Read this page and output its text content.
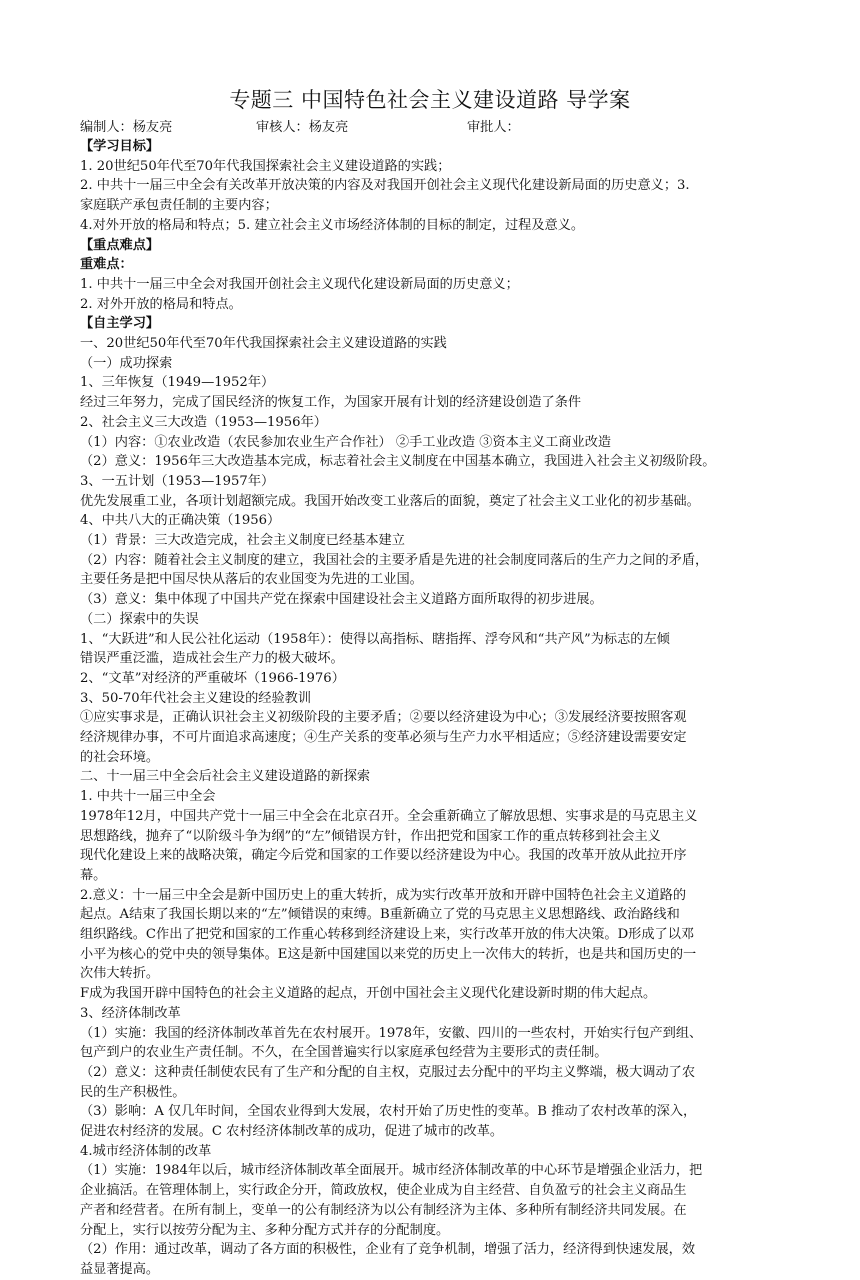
专题三 中国特色社会主义建设道路 导学案
编制人：杨友亮	审核人：杨友亮	审批人：
【学习目标】
1. 20世纪50年代至70年代我国探索社会主义建设道路的实践；
2. 中共十一届三中全会有关改革开放决策的内容及对我国开创社会主义现代化建设新局面的历史意义；3.
家庭联产承包责任制的主要内容；
4.对外开放的格局和特点；5. 建立社会主义市场经济体制的目标的制定，过程及意义。
【重点难点】
重难点：
1. 中共十一届三中全会对我国开创社会主义现代化建设新局面的历史意义；
2. 对外开放的格局和特点。
【自主学习】
一、20世纪50年代至70年代我国探索社会主义建设道路的实践
（一）成功探索
1、三年恢复（1949—1952年）
经过三年努力，完成了国民经济的恢复工作，为国家开展有计划的经济建设创造了条件
2、社会主义三大改造（1953—1956年）
（1）内容：①农业改造（农民参加农业生产合作社） ②手工业改造 ③资本主义工商业改造
（2）意义：1956年三大改造基本完成，标志着社会主义制度在中国基本确立，我国进入社会主义初级阶段。
3、一五计划（1953—1957年）
优先发展重工业，各项计划超额完成。我国开始改变工业落后的面貌，奠定了社会主义工业化的初步基础。
4、中共八大的正确决策（1956）
（1）背景：三大改造完成，社会主义制度已经基本建立
（2）内容：随着社会主义制度的建立，我国社会的主要矛盾是先进的社会制度同落后的生产力之间的矛盾，
主要任务是把中国尽快从落后的农业国变为先进的工业国。
（3）意义：集中体现了中国共产党在探索中国建设社会主义道路方面所取得的初步进展。
（二）探索中的失误
1、“大跃进”和人民公社化运动（1958年）：使得以高指标、瞎指挥、浮夸风和“共产风”为标志的左倾
错误严重泛滥，造成社会生产力的极大破坏。
2、“文革”对经济的严重破坏（1966-1976）
3、50-70年代社会主义建设的经验教训
①应实事求是，正确认识社会主义初级阶段的主要矛盾；②要以经济建设为中心；③发展经济要按照客观
经济规律办事，不可片面追求高速度；④生产关系的变革必须与生产力水平相适应；⑤经济建设需要安定
的社会环境。
二、十一届三中全会后社会主义建设道路的新探索
1. 中共十一届三中全会
1978年12月，中国共产党十一届三中全会在北京召开。全会重新确立了解放思想、实事求是的马克思主义
思想路线，抛弃了“以阶级斗争为纲”的“左”倾错误方针，作出把党和国家工作的重点转移到社会主义
现代化建设上来的战略决策，确定今后党和国家的工作要以经济建设为中心。我国的改革开放从此拉开序
幕。
2.意义：十一届三中全会是新中国历史上的重大转折，成为实行改革开放和开辟中国特色社会主义道路的
起点。A结束了我国长期以来的“左”倾错误的束缚。B重新确立了党的马克思主义思想路线、政治路线和
组织路线。C作出了把党和国家的工作重心转移到经济建设上来，实行改革开放的伟大决策。D形成了以邓
小平为核心的党中央的领导集体。E这是新中国建国以来党的历史上一次伟大的转折，也是共和国历史的一
次伟大转折。
F成为我国开辟中国特色的社会主义道路的起点，开创中国社会主义现代化建设新时期的伟大起点。
3、经济体制改革
（1）实施：我国的经济体制改革首先在农村展开。1978年，安徽、四川的一些农村，开始实行包产到组、
包产到户的农业生产责任制。不久，在全国普遍实行以家庭承包经营为主要形式的责任制。
（2）意义：这种责任制使农民有了生产和分配的自主权，克服过去分配中的平均主义弊端，极大调动了农
民的生产积极性。
（3）影响：A 仅几年时间，全国农业得到大发展，农村开始了历史性的变革。B 推动了农村改革的深入，
促进农村经济的发展。C 农村经济体制改革的成功，促进了城市的改革。
4.城市经济体制的改革
（1）实施：1984年以后，城市经济体制改革全面展开。城市经济体制改革的中心环节是增强企业活力，把
企业搞活。在管理体制上，实行政企分开，简政放权，使企业成为自主经营、自负盈亏的社会主义商品生
产者和经营者。在所有制上，变单一的公有制经济为以公有制经济为主体、多种所有制经济共同发展。在
分配上，实行以按劳分配为主、多种分配方式并存的分配制度。
（2）作用：通过改革，调动了各方面的积极性，企业有了竞争机制，增强了活力，经济得到快速发展，效
益显著提高。
